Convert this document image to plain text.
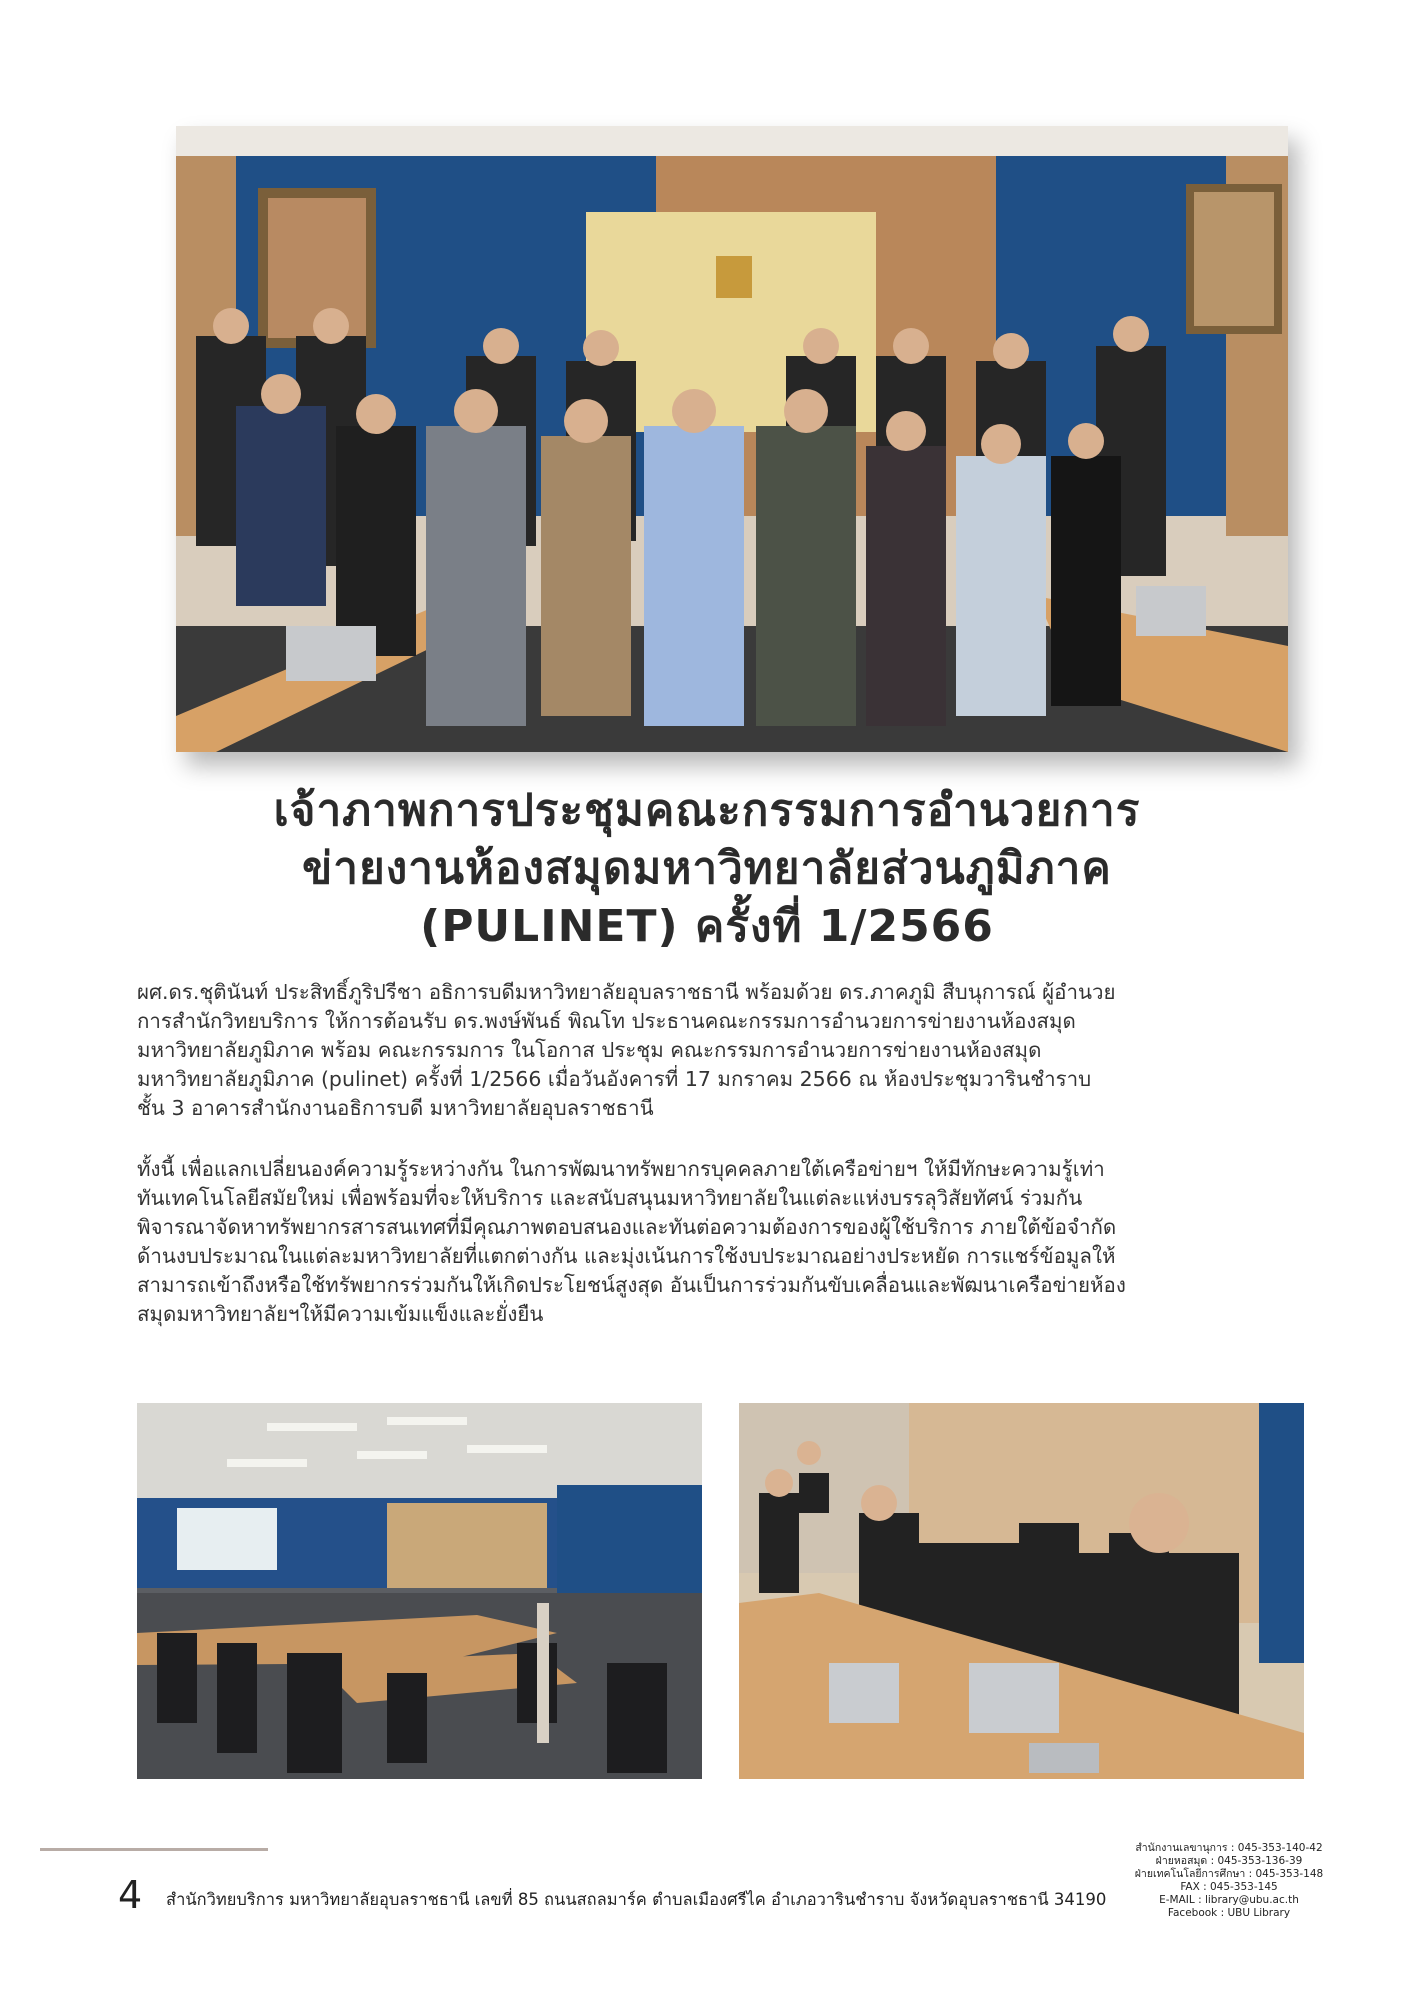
เจ้าภาพการประชุมคณะกรรมการอำนวยการ
ข่ายงานห้องสมุดมหาวิทยาลัยส่วนภูมิภาค
(PULINET) ครั้งที่ 1/2566
ผศ.ดร.ชุตินันท์ ประสิทธิ์ภูริปรีชา อธิการบดีมหาวิทยาลัยอุบลราชธานี พร้อมด้วย ดร.ภาคภูมิ สืบนุการณ์ ผู้อำนวย
การสำนักวิทยบริการ ให้การต้อนรับ ดร.พงษ์พันธ์ พิณโท ประธานคณะกรรมการอำนวยการข่ายงานห้องสมุด
มหาวิทยาลัยภูมิภาค พร้อม คณะกรรมการ ในโอกาส ประชุม คณะกรรมการอำนวยการข่ายงานห้องสมุด
มหาวิทยาลัยภูมิภาค (pulinet) ครั้งที่ 1/2566 เมื่อวันอังคารที่ 17 มกราคม 2566 ณ ห้องประชุมวารินชำราบ
ชั้น 3 อาคารสำนักงานอธิการบดี มหาวิทยาลัยอุบลราชธานี
ทั้งนี้ เพื่อแลกเปลี่ยนองค์ความรู้ระหว่างกัน ในการพัฒนาทรัพยากรบุคคลภายใต้เครือข่ายฯ ให้มีทักษะความรู้เท่า
ทันเทคโนโลยีสมัยใหม่ เพื่อพร้อมที่จะให้บริการ และสนับสนุนมหาวิทยาลัยในแต่ละแห่งบรรลุวิสัยทัศน์ ร่วมกัน
พิจารณาจัดหาทรัพยากรสารสนเทศที่มีคุณภาพตอบสนองและทันต่อความต้องการของผู้ใช้บริการ ภายใต้ข้อจำกัด
ด้านงบประมาณในแต่ละมหาวิทยาลัยที่แตกต่างกัน และมุ่งเน้นการใช้งบประมาณอย่างประหยัด การแชร์ข้อมูลให้
สามารถเข้าถึงหรือใช้ทรัพยากรร่วมกันให้เกิดประโยชน์สูงสุด อันเป็นการร่วมกันขับเคลื่อนและพัฒนาเครือข่ายห้อง
สมุดมหาวิทยาลัยฯให้มีความเข้มแข็งและยั่งยืน
4 สำนักวิทยบริการ มหาวิทยาลัยอุบลราชธานี เลขที่ 85 ถนนสถลมาร์ค ตำบลเมืองศรีไค อำเภอวารินชำราบ จังหวัดอุบลราชธานี 34190
สำนักงานเลขานุการ : 045-353-140-42
ฝ่ายหอสมุด : 045-353-136-39
ฝ่ายเทคโนโลยีการศึกษา : 045-353-148
FAX : 045-353-145
E-MAIL : library@ubu.ac.th
Facebook : UBU Library
